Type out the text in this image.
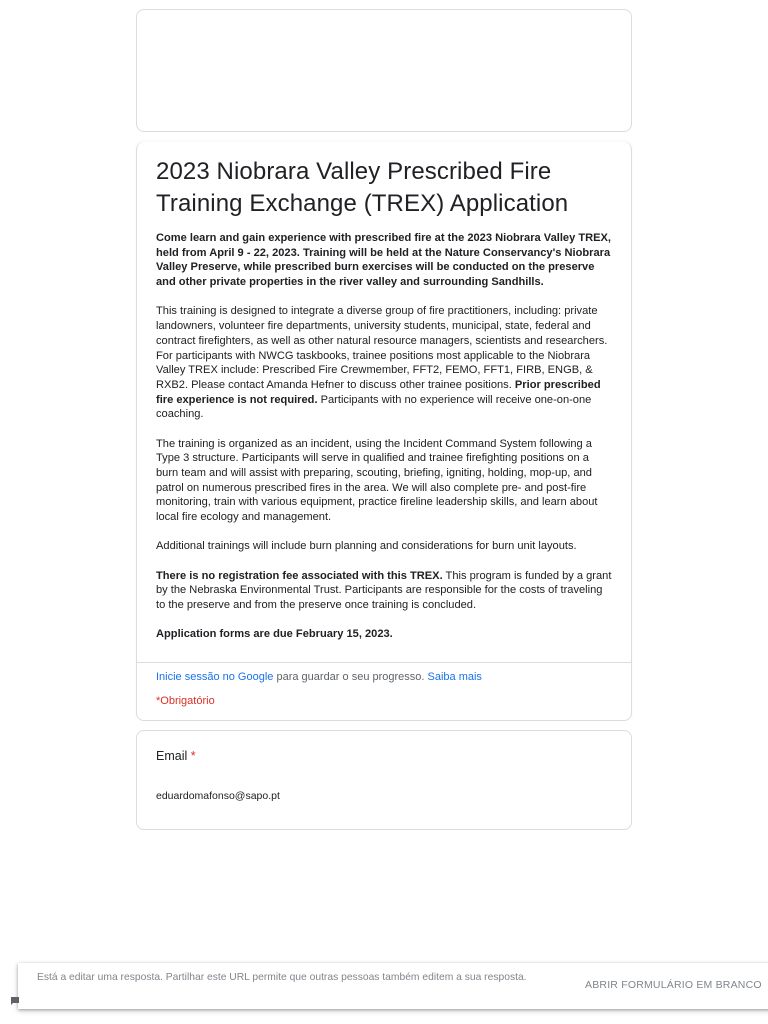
2023 Niobrara Valley Prescribed Fire Training Exchange (TREX) Application

Come learn and gain experience with prescribed fire at the 2023 Niobrara Valley TREX, held from April 9 - 22, 2023. Training will be held at the Nature Conservancy's Niobrara Valley Preserve, while prescribed burn exercises will be conducted on the preserve and other private properties in the river valley and surrounding Sandhills.

This training is designed to integrate a diverse group of fire practitioners, including: private landowners, volunteer fire departments, university students, municipal, state, federal and contract firefighters, as well as other natural resource managers, scientists and researchers. For participants with NWCG taskbooks, trainee positions most applicable to the Niobrara Valley TREX include: Prescribed Fire Crewmember, FFT2, FEMO, FFT1, FIRB, ENGB, & RXB2. Please contact Amanda Hefner to discuss other trainee positions. Prior prescribed fire experience is not required. Participants with no experience will receive one-on-one coaching.

The training is organized as an incident, using the Incident Command System following a Type 3 structure. Participants will serve in qualified and trainee firefighting positions on a burn team and will assist with preparing, scouting, briefing, igniting, holding, mop-up, and patrol on numerous prescribed fires in the area. We will also complete pre- and post-fire monitoring, train with various equipment, practice fireline leadership skills, and learn about local fire ecology and management.

Additional trainings will include burn planning and considerations for burn unit layouts.

There is no registration fee associated with this TREX. This program is funded by a grant by the Nebraska Environmental Trust. Participants are responsible for the costs of traveling to the preserve and from the preserve once training is concluded.

Application forms are due February 15, 2023.

Inicie sessão no Google para guardar o seu progresso. Saiba mais
*Obrigatório
Email *
eduardomafonso@sapo.pt
Está a editar uma resposta. Partilhar este URL permite que outras pessoas também editem a sua resposta.
ABRIR FORMULÁRIO EM BRANCO
